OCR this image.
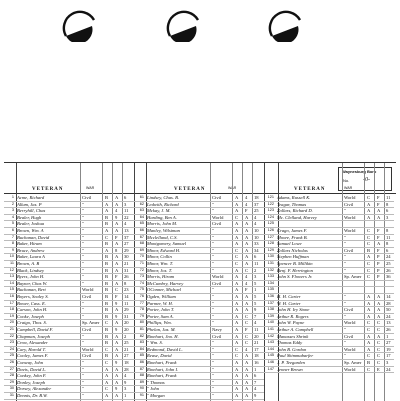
VETERAN	WAR	VETERAN	WAR	VETERAN	WAR
Waynesburg Boro
No. -0-
1 Acme, Richard	Civil	B A 6
2 Allum, Jas. P	"	A A 3
3 Berryhill, Chas	"	A 4 11
4 Bealer, Hugh	"	B 9 22
5 Bealer, Joshua	"	B A 4
6 Brown, Wm. A	"	A A 13
7 Buchanan, David	"	C F 37
8 Baker, Hiram	"	B A 27
9 Bruce, Andrew	"	A 8 29
10 Baker, Laura A	"	B A 30
11 Brown, A. B	"	B A 21
12 Black, Lindsey	"	B A 31
13 Byers, John H.	"	B F 26
14 Bayner, Chas W.	"	B A 8
15 Buchanan, Bert	World	B C 23
16 Boyers, Sealey S.	Civil	B F 14
17 Bower, Cass. E.	"	B 9 11
18 Carson, John H.	"	B A 29
19 Cooke, Joseph	"	B 9 31
20 Craigo, Thos. S.	Sp. Amer C A 20
21 Campbell, David F.	Civil	B 9 20
22 Chapman, Joseph	"	B A 2
23 Crow, Alexander	"	B A 25
24 Cary, Harold T.	World	C A 21
25 Cooley, James F.	Civil	B A 27
26 Conway, John	"	C 9 18
27 Davis, David L.	"	A A 28
28 Conkey, John F.	"	A A 4
29 Donley, Joseph	"	A A 9
30 Dorsey, Alexander	"	C 9 3
31 Dennis, Dr. B.W.	"	A A 1
61 Lindsey, Chas. B.	Civil	A 4 18
62 Ledwith, Richard	"	A 4 37
63 Mckay, J. M.	"	A F 25
64 Harding, Ben A.	World	C A 4
65 Morris, John M.	Civil	A A 4
66 Manley, Wilsiman	"	A A 10
67 Mcclelland, C.S.	"	A A 10
68 Montgomery, Samuel	"	A A 33
69 Minor, Edward H.	"	C A 34
70 Minor, Collin	"	C A 6
71 Minor, Wm. T.	"	C A 11
72 Minor, Jos. T.	"	A C 2
73 Morris, Hiram	World	A 4 3
74 McCumbry, Harvey	Civil	A 4 5
75 OConner, Michael	"	A F 1
76 Ogden, William	"	A A 5
77 Parmer, W. H.	"	A A 5
78 Porter, John T.	"	A A 9
79 Porter, Sam A.	"	A C 7
80 Phillips, Wm.	"	A C 4
81 Phelan, Jas. M.	Navy	A F 11
82 Rinehart, Jno. H.	Civil	A C 20
83 " Wm. S.	"	A C 21
84 Redmond, David L.	"	C 4 17
85 Rease, David	"	C A 18
86 Rinehart, Frank	"	A A 16
87 Rinehart, John I.	"	A A 1
88 Rinehart, Frank	"	A A 6
89 " Thomas	"	A A 7
90 " John	"	A A 4
91 " Morgan	"	A A 9
121 Adams, Russell K.	World	C F 11
122 Teagar, Thomas	Civil	A F 8
123 Zollars, Richard D.	"	A A 6
124 Mc. Clelland, Harvey	World	A A 3
125
126 Crago, James F.	World	C F 8
127 Moore, Frank B.	"	C F 11
128 Samuel Lowe	"	C A 8
129 Zollars Nicholas	Civil	B F 6
130 Stephen Huffman	"	A P 24
131 Spencer B. Millikin	"	C P 25
132 Benj. F. Herrington	"	C P 26
133 John S. Flowers Jr.	Sp. Amer C P 36
134
135
136 H. H. Carter	"	A A 14
137 W. H. Carter	"	A A 28
138 John H. Iry Stone	Civil	A A 50
139 Arthur R. Rogers	"	A A 24
140 John W. Payne	World	C C 13
141 Arthur A. Campbell	"	C C 26
142 Manasses Shrink	Civil	A A 1
143 Thomas Eddy	"	A C 27
144 John B. Gordon	World	A C 19
145 Paul Shimmabarfer	"	C C 17
146 J. P. Teegarden	Sp. Amer B C 3
147 Jenner Brown	World	C E 24
